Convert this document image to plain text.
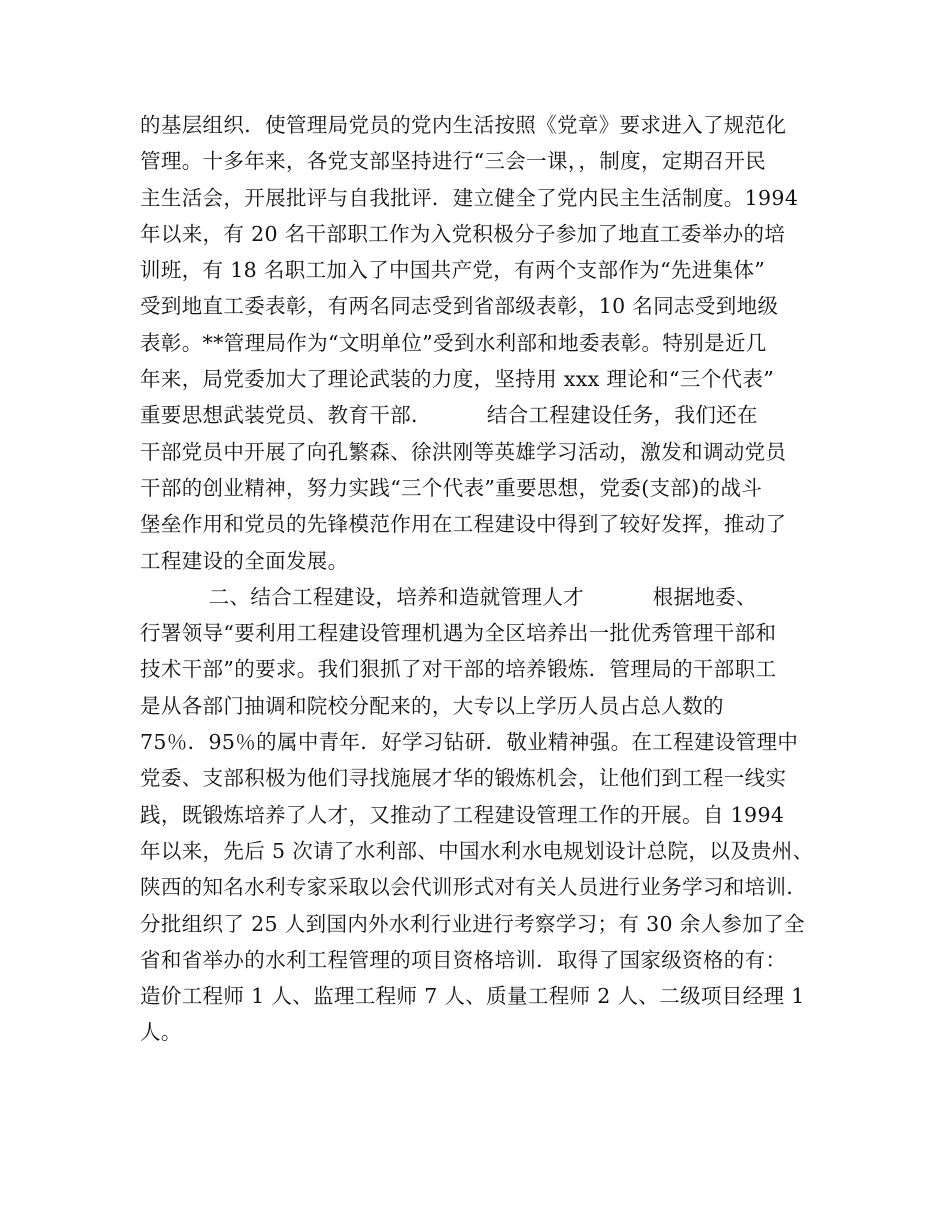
的基层组织．使管理局党员的党内生活按照《党章》要求进入了规范化
管理。十多年来，各党支部坚持进行“三会一课，，制度，定期召开民
主生活会，开展批评与自我批评．建立健全了党内民主生活制度。1994
年以来，有 20 名干部职工作为入党积极分子参加了地直工委举办的培
训班，有 18 名职工加入了中国共产党，有两个支部作为“先进集体”
受到地直工委表彰，有两名同志受到省部级表彰，10 名同志受到地级
表彰。**管理局作为“文明单位”受到水利部和地委表彰。特别是近几
年来，局党委加大了理论武装的力度，坚持用 xxx 理论和“三个代表”
重要思想武装党员、教育干部．        结合工程建设任务，我们还在
干部党员中开展了向孔繁森、徐洪刚等英雄学习活动，激发和调动党员
干部的创业精神，努力实践“三个代表”重要思想，党委(支部)的战斗
堡垒作用和党员的先锋模范作用在工程建设中得到了较好发挥，推动了
工程建设的全面发展。
二、结合工程建设，培养和造就管理人才          根据地委、
行署领导“要利用工程建设管理机遇为全区培养出一批优秀管理干部和
技术干部”的要求。我们狠抓了对干部的培养锻炼．管理局的干部职工
是从各部门抽调和院校分配来的，大专以上学历人员占总人数的
75％．95％的属中青年．好学习钻研．敬业精神强。在工程建设管理中
党委、支部积极为他们寻找施展才华的锻炼机会，让他们到工程一线实
践，既锻炼培养了人才，又推动了工程建设管理工作的开展。自 1994
年以来，先后 5 次请了水利部、中国水利水电规划设计总院，以及贵州、
陕西的知名水利专家采取以会代训形式对有关人员进行业务学习和培训．
分批组织了 25 人到国内外水利行业进行考察学习；有 30 余人参加了全
省和省举办的水利工程管理的项目资格培训．取得了国家级资格的有：
造价工程师 1 人、监理工程师 7 人、质量工程师 2 人、二级项目经理 1
人。
